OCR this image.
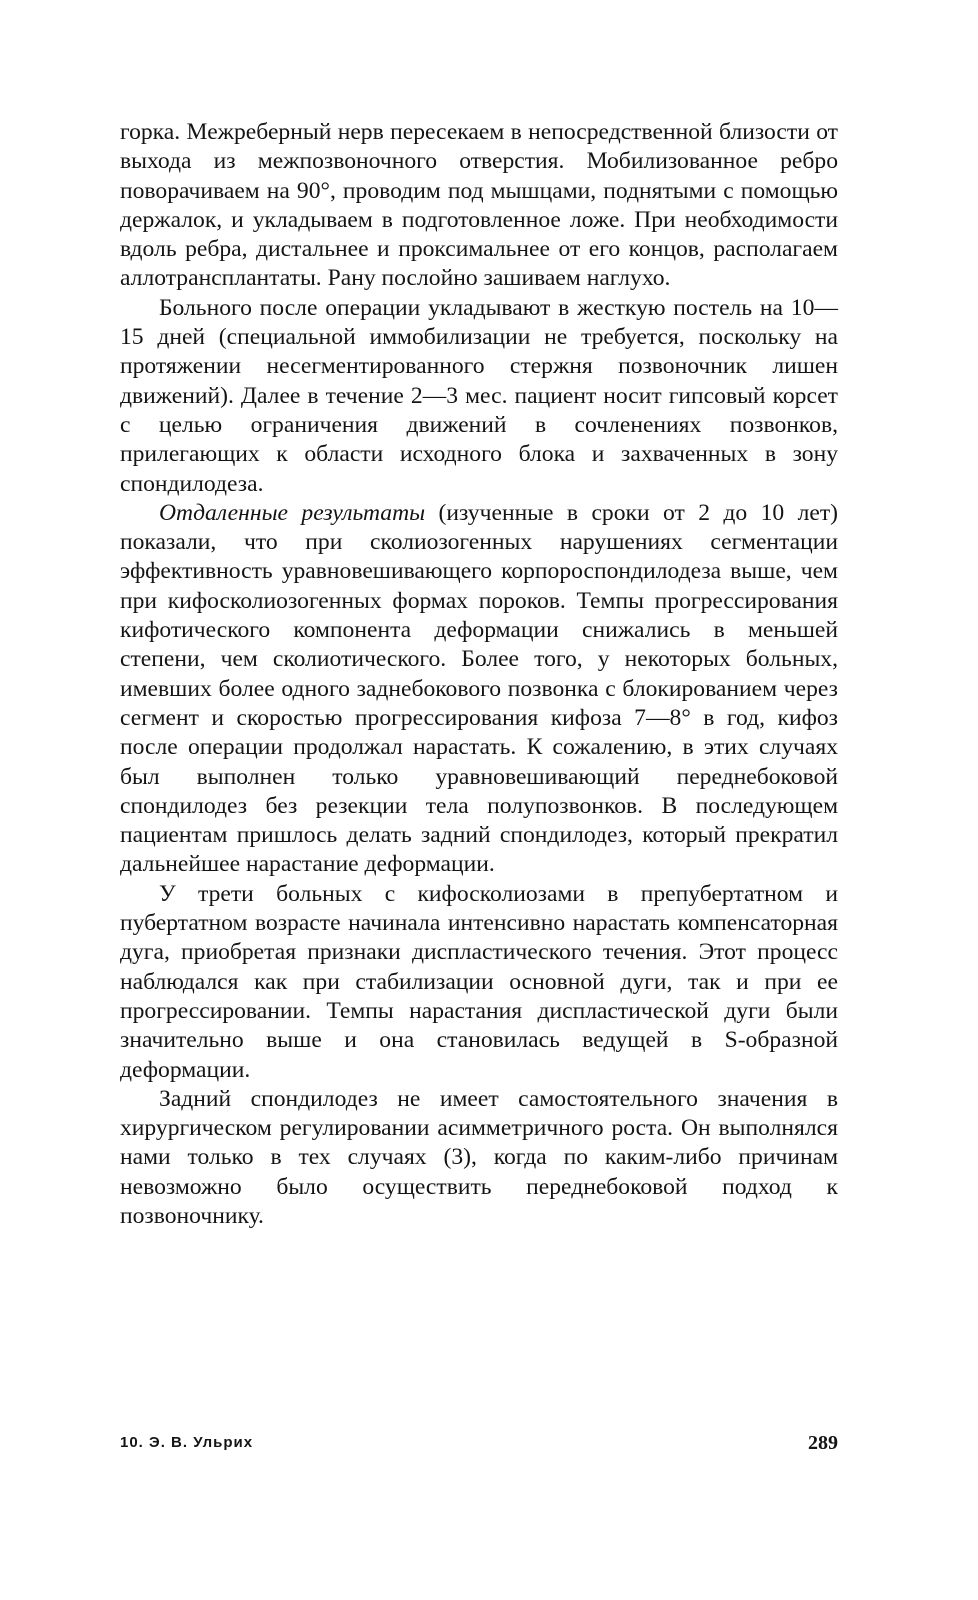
горка. Межреберный нерв пересекаем в непосредственной близости от выхода из межпозвоночного отверстия. Мобилизованное ребро поворачиваем на 90°, проводим под мышцами, поднятыми с помощью держалок, и укладываем в подготовленное ложе. При необходимости вдоль ребра, дистальнее и проксимальнее от его концов, располагаем аллотрансплантаты. Рану послойно зашиваем наглухо.

Больного после операции укладывают в жесткую постель на 10—15 дней (специальной иммобилизации не требуется, поскольку на протяжении несегментированного стержня позвоночник лишен движений). Далее в течение 2—3 мес. пациент носит гипсовый корсет с целью ограничения движений в сочленениях позвонков, прилегающих к области исходного блока и захваченных в зону спондилодеза.

Отдаленные результаты (изученные в сроки от 2 до 10 лет) показали, что при сколиозогенных нарушениях сегментации эффективность уравновешивающего корпороспондилодеза выше, чем при кифосколиозогенных формах пороков. Темпы прогрессирования кифотического компонента деформации снижались в меньшей степени, чем сколиотического. Более того, у некоторых больных, имевших более одного заднебокового позвонка с блокированием через сегмент и скоростью прогрессирования кифоза 7—8° в год, кифоз после операции продолжал нарастать. К сожалению, в этих случаях был выполнен только уравновешивающий переднебоковой спондилодез без резекции тела полупозвонков. В последующем пациентам пришлось делать задний спондилодез, который прекратил дальнейшее нарастание деформации.

У трети больных с кифосколиозами в препубертатном и пубертатном возрасте начинала интенсивно нарастать компенсаторная дуга, приобретая признаки диспластического течения. Этот процесс наблюдался как при стабилизации основной дуги, так и при ее прогрессировании. Темпы нарастания диспластической дуги были значительно выше и она становилась ведущей в S-образной деформации.

Задний спондилодез не имеет самостоятельного значения в хирургическом регулировании асимметричного роста. Он выполнялся нами только в тех случаях (3), когда по каким-либо причинам невозможно было осуществить переднебоковой подход к позвоночнику.

10. Э. В. Ульрих	289
